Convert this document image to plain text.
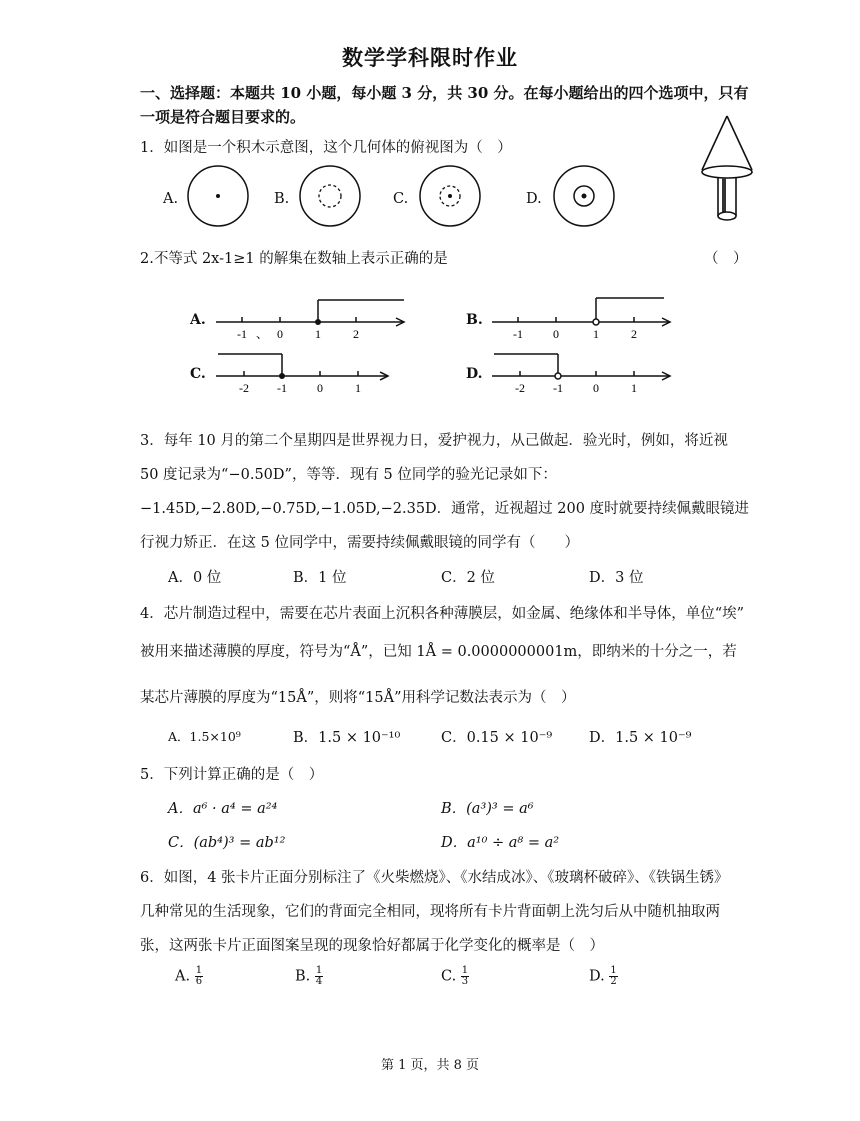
数学学科限时作业
一、选择题：本题共 10 小题，每小题 3 分，共 30 分。在每小题给出的四个选项中，只有
一项是符合题目要求的。
1．如图是一个积木示意图，这个几何体的俯视图为（　）
A.	B.	C.	D.
2.不等式 2x-1≥1 的解集在数轴上表示正确的是	（　）
A.
-1 、 0	1	2
B.
-1	0	1	2
C.
-2 -1	0	1
D.
-2 -1	0	1
3．每年 10 月的第二个星期四是世界视力日，爱护视力，从己做起．验光时，例如，将近视
50 度记录为“−0.50D”，等等．现有 5 位同学的验光记录如下：
−1.45D,−2.80D,−0.75D,−1.05D,−2.35D．通常，近视超过 200 度时就要持续佩戴眼镜进
行视力矫正．在这 5 位同学中，需要持续佩戴眼镜的同学有（　　）
A．0 位	B．1 位	C．2 位	D．3 位
4．芯片制造过程中，需要在芯片表面上沉积各种薄膜层，如金属、绝缘体和半导体，单位“埃”
被用来描述薄膜的厚度，符号为“Å”，已知 1Å = 0.0000000001m，即纳米的十分之一，若
某芯片薄膜的厚度为“15Å”，则将“15Å”用科学记数法表示为（　）
A．1.5×10⁹	B．1.5 × 10⁻¹⁰	C．0.15 × 10⁻⁹	D．1.5 × 10⁻⁹
5．下列计算正确的是（　）
A．a⁶ · a⁴ = a²⁴	B．(a³)³ = a⁶
C．(ab⁴)³ = ab¹²	D．a¹⁰ ÷ a⁸ = a²
6．如图，4 张卡片正面分别标注了《火柴燃烧》、《水结成冰》、《玻璃杯破碎》、《铁锅生锈》
几种常见的生活现象，它们的背面完全相同，现将所有卡片背面朝上洗匀后从中随机抽取两
张，这两张卡片正面图案呈现的现象恰好都属于化学变化的概率是（　）
A. $\frac{1}{6}$	B. $\frac{1}{4}$	C. $\frac{1}{3}$	D. $\frac{1}{2}$
第 1 页，共 8 页
